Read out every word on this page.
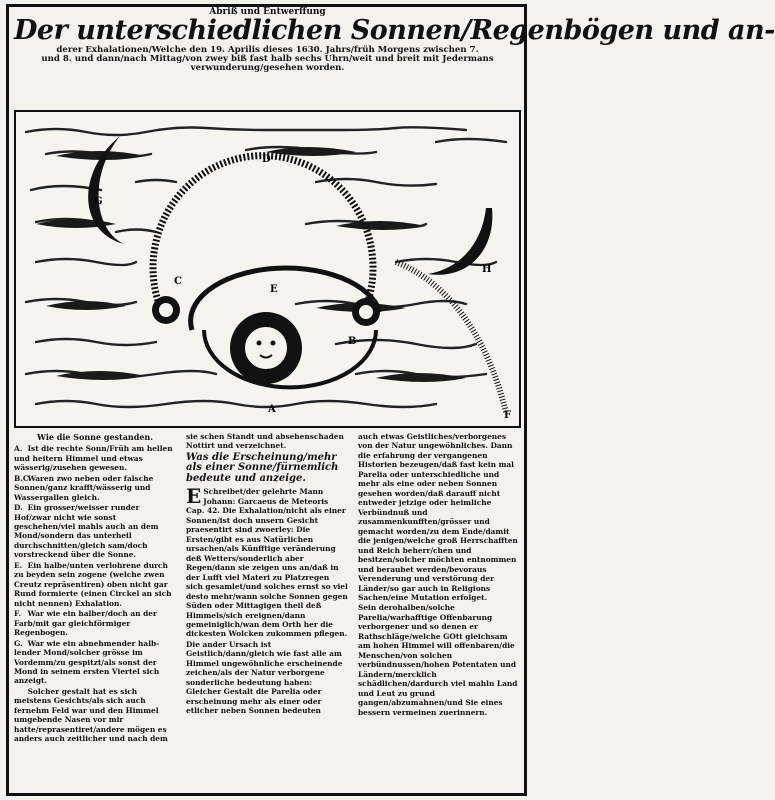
Abriß und Entwerffung
Der unterschiedlichen Sonnen/Regenbögen und an-
derer Exhalationen/Welche den 19. Aprilis dieses 1630. Jahrs/früh Morgens zwischen 7.
und 8. und dann/nach Mittag/von zwey biß fast halb sechs Uhrn/weit und breit mit Jedermans
verwunderung/gesehen worden.
G
D
C
E
H
B
A
F
Wie die Sonne gestanden.

A. Ist die rechte Sonn/Früh am hellen und heitern Himmel und etwas wässerig/zusehen gewesen.

B.C. Waren zwo neben oder falsche Sonnen/ganz krafft/wässerig und Wassergallen gleich.

D. Ein grosser/weisser runder Hof/zwar nicht wie sonst geschehen/viel mahls auch an dem Mond/sondern das unterheil durchschnitten/gleich sam/doch vorstreckend über die Sonne.

E. Ein halbe/unten verlohrene durch zu beyden sein zogene (welche zwen Creutz repräsentiren) oben nicht gar Rund formierte (einen Circkel an sich nicht nennen) Exhalation.

F. War wie ein halber/doch an der Farb/mit gar gleichförmiger Regenbogen.

G. War wie ein abnehmender halb-lender Mond/solcher grösse im Vordemm/zu gespitzt/als sonst der Mond in seinem ersten Viertel sich anzeigt.

Solcher gestalt hat es sich meistens Gesichts/als sich auch fernehm Feld war und den Himmel umgebende Nasen vor mir hatte/reprasentiret/andere mögen es anders auch zeitlicher und nach dem

sie schen Standt und absehenschaden Nottirt und verzeichnet.

Was die Erscheinung/mehr als einer Sonne/fürnemlich bedeute und anzeige.

E Schreibet/der gelehrte Mann Johann: Garcaeus de Meteoris Cap. 42. Die Exhalation/nicht als einer Sonnen/ist doch unsern Gesicht praesentirt sind zwoerley: Die Ersten/gibt es aus Natürlichen ursachen/als Künfftige veränderung deß Wetters/sonderlich aber Regen/dann sie zeigen uns an/daß in der Lufft viel Materi zu Platzregen sich gesamlet/und solches ernst so viel desto mehr/wann solche Sonnen gegen Süden oder Mittagigen theil deß Himmels/sich ereignen/dann gemeiniglich/wan dem Orth her die dickesten Wolcken zukommen pflegen.

Die ander Ursach ist Geistlich/dann/gleich wie fast alle am Himmel ungewöhnliche erscheinende zeichen/als der Natur verborgene sonderliche bedeutung haben: Gleicher Gestalt die Parelia oder erscheinung mehr als einer oder etlicher neben Sonnen bedeuten

auch etwas Geistliches/verborgenes von der Natur ungewöhnliches. Dann die erfahrung der vergangenen Historien bezeugen/daß fast kein mal Parelia oder unterschiedliche und mehr als eine oder neben Sonnen gesehen worden/daß darauff nicht entweder jetzige oder heimliche Verbündnuß und zusammenkunfften/grösser und gemacht worden/zu dem Ende/damit die jenigen/welche groß Herrschafften und Reich beherr/chen und besitzen/solcher möchten entnommen und beraubet werden/bevoraus Verenderung und verstörung der Länder/so gar auch in Religions Sachen/eine Mutation erfolget.

Sein derohalben/solche Parelia/warhafftige Offenbarung verborgener und so denen er Rathschläge/welche GOtt gleichsam am hohen Himmel will offenbaren/die Menschen/von solchen verbündnussen/hohen Potentaten und Ländern/mercklich schädlichen/dardurch viel mahln Land und Leut zu grund gangen/abzumahnen/und Sie eines bessern vermeinen zuerinnern.
